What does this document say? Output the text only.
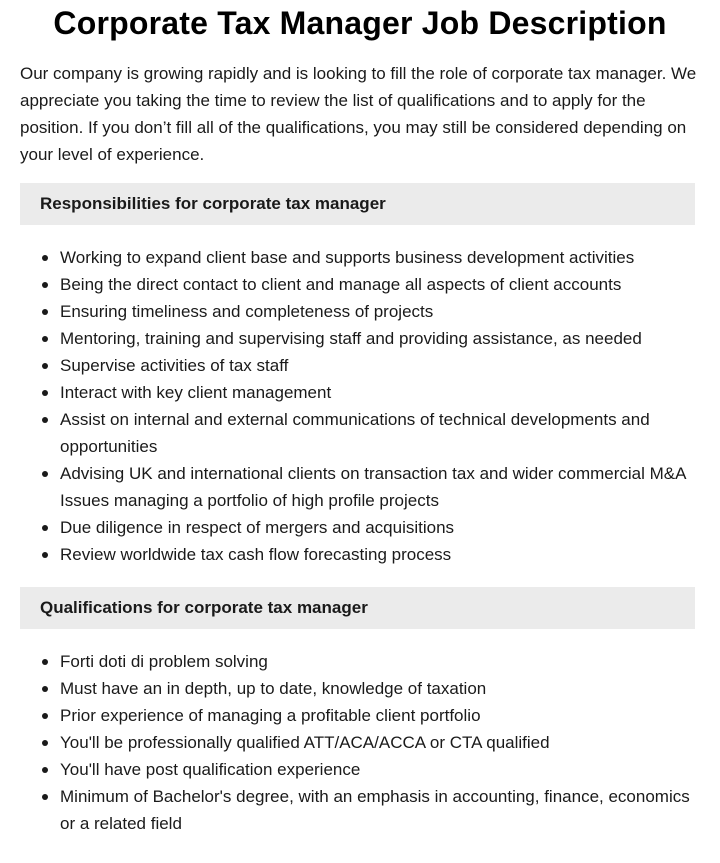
Corporate Tax Manager Job Description

Our company is growing rapidly and is looking to fill the role of corporate tax manager. We appreciate you taking the time to review the list of qualifications and to apply for the position. If you don’t fill all of the qualifications, you may still be considered depending on your level of experience.

Responsibilities for corporate tax manager
Working to expand client base and supports business development activities
Being the direct contact to client and manage all aspects of client accounts
Ensuring timeliness and completeness of projects
Mentoring, training and supervising staff and providing assistance, as needed
Supervise activities of tax staff
Interact with key client management
Assist on internal and external communications of technical developments and opportunities
Advising UK and international clients on transaction tax and wider commercial M&A Issues managing a portfolio of high profile projects
Due diligence in respect of mergers and acquisitions
Review worldwide tax cash flow forecasting process
Qualifications for corporate tax manager
Forti doti di problem solving
Must have an in depth, up to date, knowledge of taxation
Prior experience of managing a profitable client portfolio
You'll be professionally qualified ATT/ACA/ACCA or CTA qualified
You'll have post qualification experience
Minimum of Bachelor's degree, with an emphasis in accounting, finance, economics or a related field
